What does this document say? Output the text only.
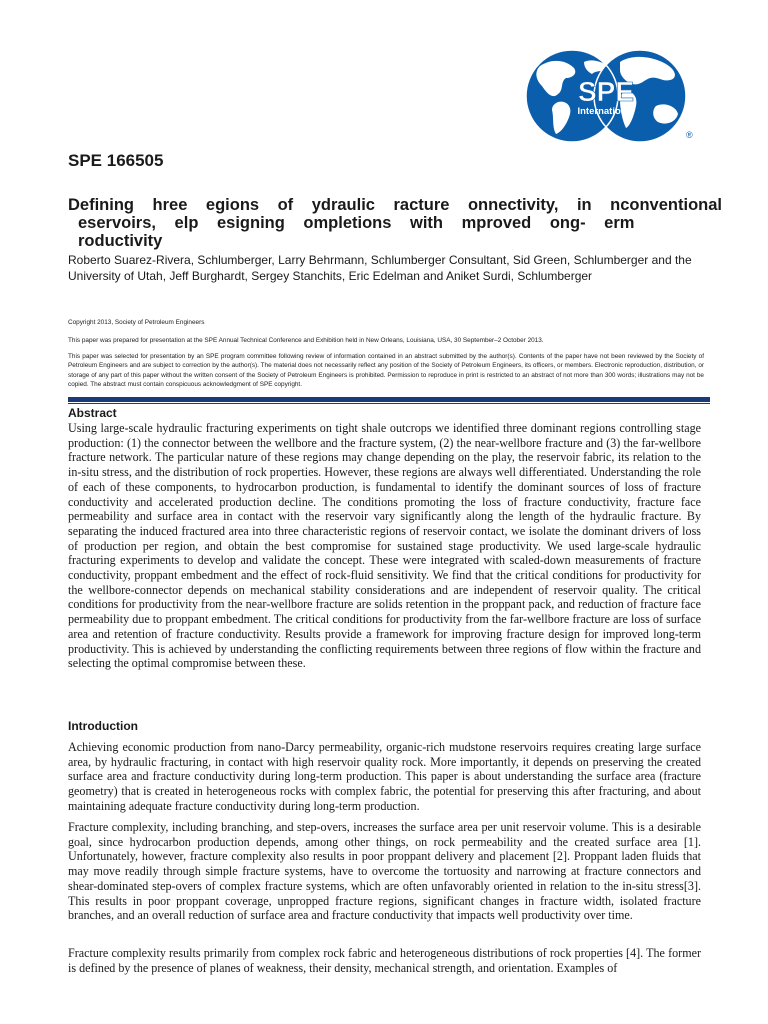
SPE
International
®
SPE 166505
Defining hree egions of ydraulic racture onnectivity, in nconventional
eservoirs, elp esigning ompletions with mproved ong- erm
roductivity

Roberto Suarez-Rivera, Schlumberger, Larry Behrmann, Schlumberger Consultant, Sid Green, Schlumberger and the University of Utah, Jeff Burghardt, Sergey Stanchits, Eric Edelman and Aniket Surdi, Schlumberger

Copyright 2013, Society of Petroleum Engineers

This paper was prepared for presentation at the SPE Annual Technical Conference and Exhibition held in New Orleans, Louisiana, USA, 30 September–2 October 2013.

This paper was selected for presentation by an SPE program committee following review of information contained in an abstract submitted by the author(s). Contents of the paper have not been reviewed by the Society of Petroleum Engineers and are subject to correction by the author(s). The material does not necessarily reflect any position of the Society of Petroleum Engineers, its officers, or members. Electronic reproduction, distribution, or storage of any part of this paper without the written consent of the Society of Petroleum Engineers is prohibited. Permission to reproduce in print is restricted to an abstract of not more than 300 words; illustrations may not be copied. The abstract must contain conspicuous acknowledgment of SPE copyright.

Abstract

Using large-scale hydraulic fracturing experiments on tight shale outcrops we identified three dominant regions controlling stage production: (1) the connector between the wellbore and the fracture system, (2) the near-wellbore fracture and (3) the far-wellbore fracture network. The particular nature of these regions may change depending on the play, the reservoir fabric, its relation to the in-situ stress, and the distribution of rock properties. However, these regions are always well differentiated. Understanding the role of each of these components, to hydrocarbon production, is fundamental to identify the dominant sources of loss of fracture conductivity and accelerated production decline. The conditions promoting the loss of fracture conductivity, fracture face permeability and surface area in contact with the reservoir vary significantly along the length of the hydraulic fracture. By separating the induced fractured area into three characteristic regions of reservoir contact, we isolate the dominant drivers of loss of production per region, and obtain the best compromise for sustained stage productivity. We used large-scale hydraulic fracturing experiments to develop and validate the concept. These were integrated with scaled-down measurements of fracture conductivity, proppant embedment and the effect of rock-fluid sensitivity. We find that the critical conditions for productivity for the wellbore-connector depends on mechanical stability considerations and are independent of reservoir quality. The critical conditions for productivity from the near-wellbore fracture are solids retention in the proppant pack, and reduction of fracture face permeability due to proppant embedment. The critical conditions for productivity from the far-wellbore fracture are loss of surface area and retention of fracture conductivity. Results provide a framework for improving fracture design for improved long-term productivity. This is achieved by understanding the conflicting requirements between three regions of flow within the fracture and selecting the optimal compromise between these.

Introduction

Achieving economic production from nano-Darcy permeability, organic-rich mudstone reservoirs requires creating large surface area, by hydraulic fracturing, in contact with high reservoir quality rock. More importantly, it depends on preserving the created surface area and fracture conductivity during long-term production. This paper is about understanding the surface area (fracture geometry) that is created in heterogeneous rocks with complex fabric, the potential for preserving this after fracturing, and about maintaining adequate fracture conductivity during long-term production.

Fracture complexity, including branching, and step-overs, increases the surface area per unit reservoir volume. This is a desirable goal, since hydrocarbon production depends, among other things, on rock permeability and the created surface area [1]. Unfortunately, however, fracture complexity also results in poor proppant delivery and placement [2]. Proppant laden fluids that may move readily through simple fracture systems, have to overcome the tortuosity and narrowing at fracture connectors and shear-dominated step-overs of complex fracture systems, which are often unfavorably oriented in relation to the in-situ stress[3]. This results in poor proppant coverage, unpropped fracture regions, significant changes in fracture width, isolated fracture branches, and an overall reduction of surface area and fracture conductivity that impacts well productivity over time.

Fracture complexity results primarily from complex rock fabric and heterogeneous distributions of rock properties [4]. The former is defined by the presence of planes of weakness, their density, mechanical strength, and orientation. Examples of
